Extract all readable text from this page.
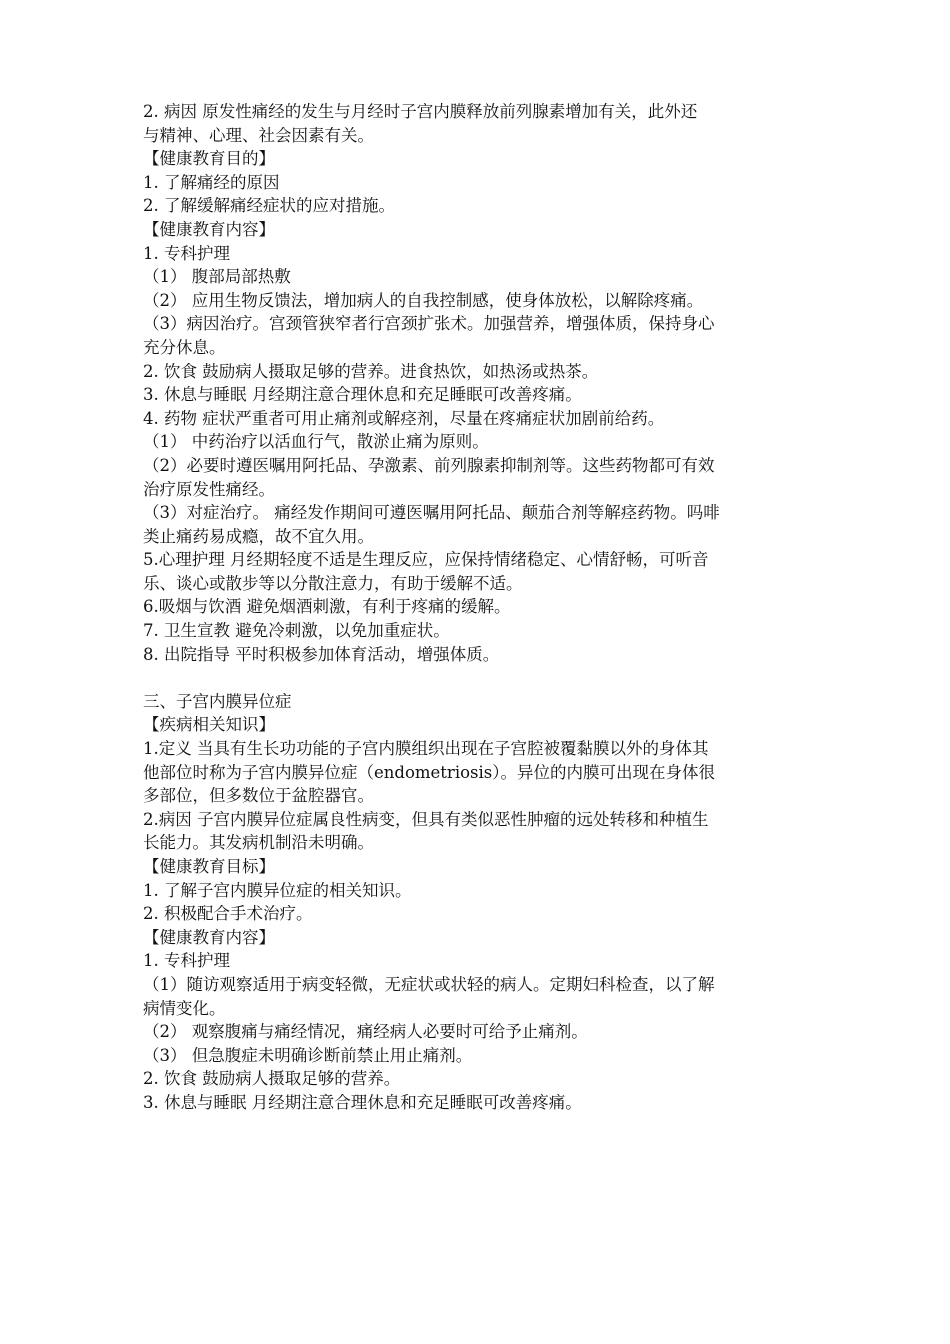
2. 病因 原发性痛经的发生与月经时子宫内膜释放前列腺素增加有关，此外还
与精神、心理、社会因素有关。
【健康教育目的】
1. 了解痛经的原因
2. 了解缓解痛经症状的应对措施。
【健康教育内容】
1. 专科护理
（1） 腹部局部热敷
（2） 应用生物反馈法，增加病人的自我控制感，使身体放松，以解除疼痛。
（3）病因治疗。宫颈管狭窄者行宫颈扩张术。加强营养，增强体质，保持身心
充分休息。
2. 饮食 鼓励病人摄取足够的营养。进食热饮，如热汤或热茶。
3. 休息与睡眠 月经期注意合理休息和充足睡眠可改善疼痛。
4. 药物 症状严重者可用止痛剂或解痉剂，尽量在疼痛症状加剧前给药。
（1） 中药治疗以活血行气，散淤止痛为原则。
（2）必要时遵医嘱用阿托品、孕激素、前列腺素抑制剂等。这些药物都可有效
治疗原发性痛经。
（3）对症治疗。 痛经发作期间可遵医嘱用阿托品、颠茄合剂等解痉药物。吗啡
类止痛药易成瘾，故不宜久用。
5.心理护理 月经期轻度不适是生理反应，应保持情绪稳定、心情舒畅，可听音
乐、谈心或散步等以分散注意力，有助于缓解不适。
6.吸烟与饮酒 避免烟酒刺激，有利于疼痛的缓解。
7. 卫生宣教 避免冷刺激，以免加重症状。
8. 出院指导 平时积极参加体育活动，增强体质。
三、子宫内膜异位症
【疾病相关知识】
1.定义 当具有生长功功能的子宫内膜组织出现在子宫腔被覆黏膜以外的身体其
他部位时称为子宫内膜异位症（endometriosis）。异位的内膜可出现在身体很
多部位，但多数位于盆腔器官。
2.病因 子宫内膜异位症属良性病变，但具有类似恶性肿瘤的远处转移和种植生
长能力。其发病机制沿未明确。
【健康教育目标】
1. 了解子宫内膜异位症的相关知识。
2. 积极配合手术治疗。
【健康教育内容】
1. 专科护理
（1）随访观察适用于病变轻微，无症状或状轻的病人。定期妇科检查，以了解
病情变化。
（2） 观察腹痛与痛经情况，痛经病人必要时可给予止痛剂。
（3） 但急腹症未明确诊断前禁止用止痛剂。
2. 饮食 鼓励病人摄取足够的营养。
3. 休息与睡眠 月经期注意合理休息和充足睡眠可改善疼痛。
